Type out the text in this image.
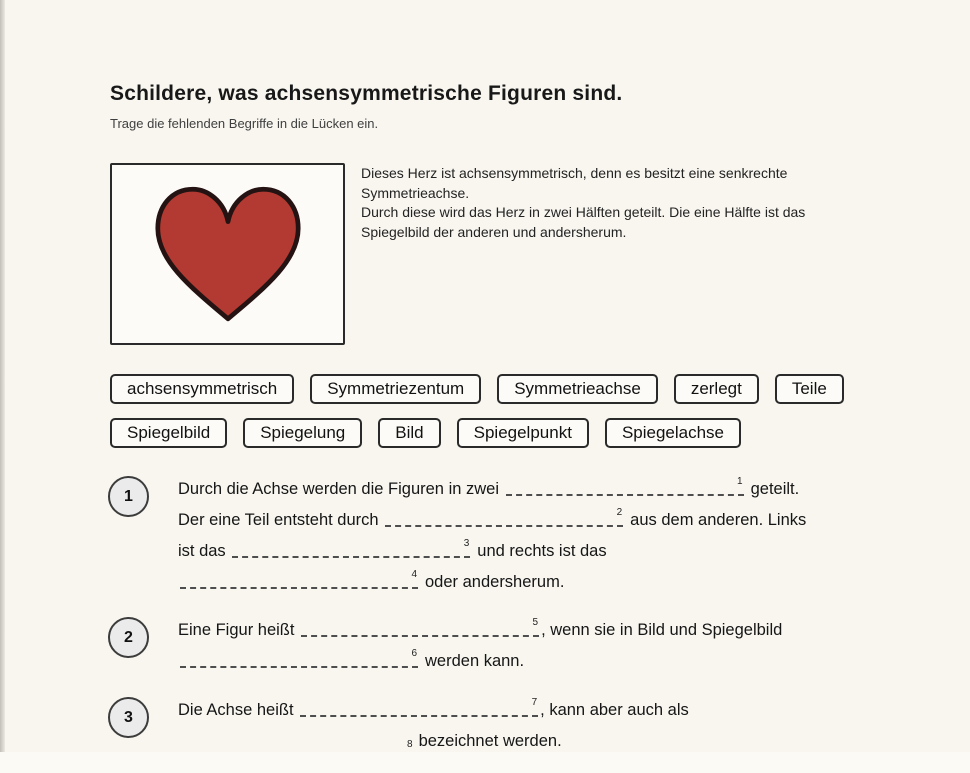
Schildere, was achsensymmetrische Figuren sind.
Trage die fehlenden Begriffe in die Lücken ein.
Dieses Herz ist achsensymmetrisch, denn es besitzt eine senkrechte
Symmetrieachse.
Durch diese wird das Herz in zwei Hälften geteilt. Die eine Hälfte ist das
Spiegelbild der anderen und andersherum.
achsensymmetrisch	Symmetriezentum	Symmetrieachse	zerlegt	Teile
Spiegelbild	Spiegelung	Bild	Spiegelpunkt	Spiegelachse
1	Durch die Achse werden die Figuren in zwei	1 geteilt.
Der eine Teil entsteht durch	2 aus dem anderen. Links
ist das	3 und rechts ist das
4 oder andersherum.
2	Eine Figur heißt	5 , wenn sie in Bild und Spiegelbild
6 werden kann.
3	Die Achse heißt	7 , kann aber auch als
8 bezeichnet werden.
